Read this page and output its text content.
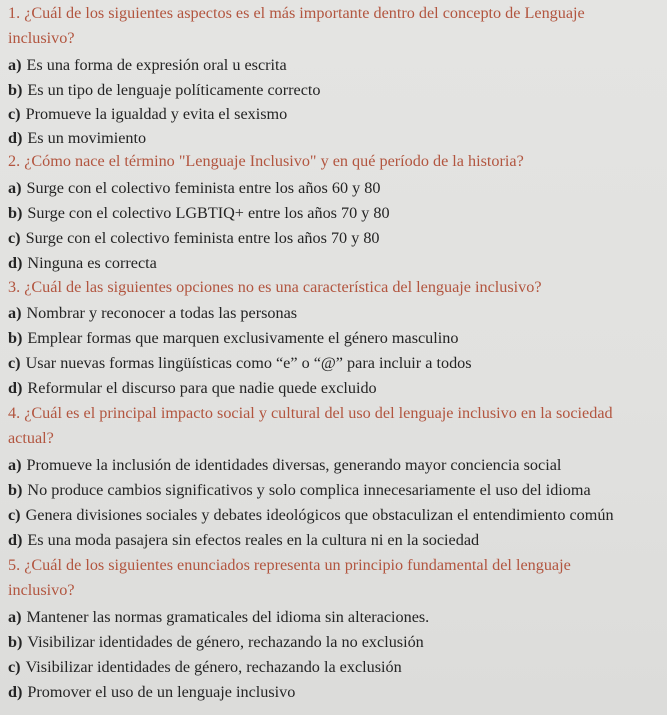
1. ¿Cuál de los siguientes aspectos es el más importante dentro del concepto de Lenguaje

inclusivo?

a) Es una forma de expresión oral u escrita

b) Es un tipo de lenguaje políticamente correcto

c) Promueve la igualdad y evita el sexismo

d) Es un movimiento

2. ¿Cómo nace el término "Lenguaje Inclusivo" y en qué período de la historia?

a) Surge con el colectivo feminista entre los años 60 y 80

b) Surge con el colectivo LGBTIQ+ entre los años 70 y 80

c) Surge con el colectivo feminista entre los años 70 y 80

d) Ninguna es correcta

3. ¿Cuál de las siguientes opciones no es una característica del lenguaje inclusivo?

a) Nombrar y reconocer a todas las personas

b) Emplear formas que marquen exclusivamente el género masculino

c) Usar nuevas formas lingüísticas como “e” o “@” para incluir a todos

d) Reformular el discurso para que nadie quede excluido

4. ¿Cuál es el principal impacto social y cultural del uso del lenguaje inclusivo en la sociedad

actual?

a) Promueve la inclusión de identidades diversas, generando mayor conciencia social

b) No produce cambios significativos y solo complica innecesariamente el uso del idioma

c) Genera divisiones sociales y debates ideológicos que obstaculizan el entendimiento común

d) Es una moda pasajera sin efectos reales en la cultura ni en la sociedad

5. ¿Cuál de los siguientes enunciados representa un principio fundamental del lenguaje

inclusivo?

a) Mantener las normas gramaticales del idioma sin alteraciones.

b) Visibilizar identidades de género, rechazando la no exclusión

c) Visibilizar identidades de género, rechazando la exclusión

d) Promover el uso de un lenguaje inclusivo
